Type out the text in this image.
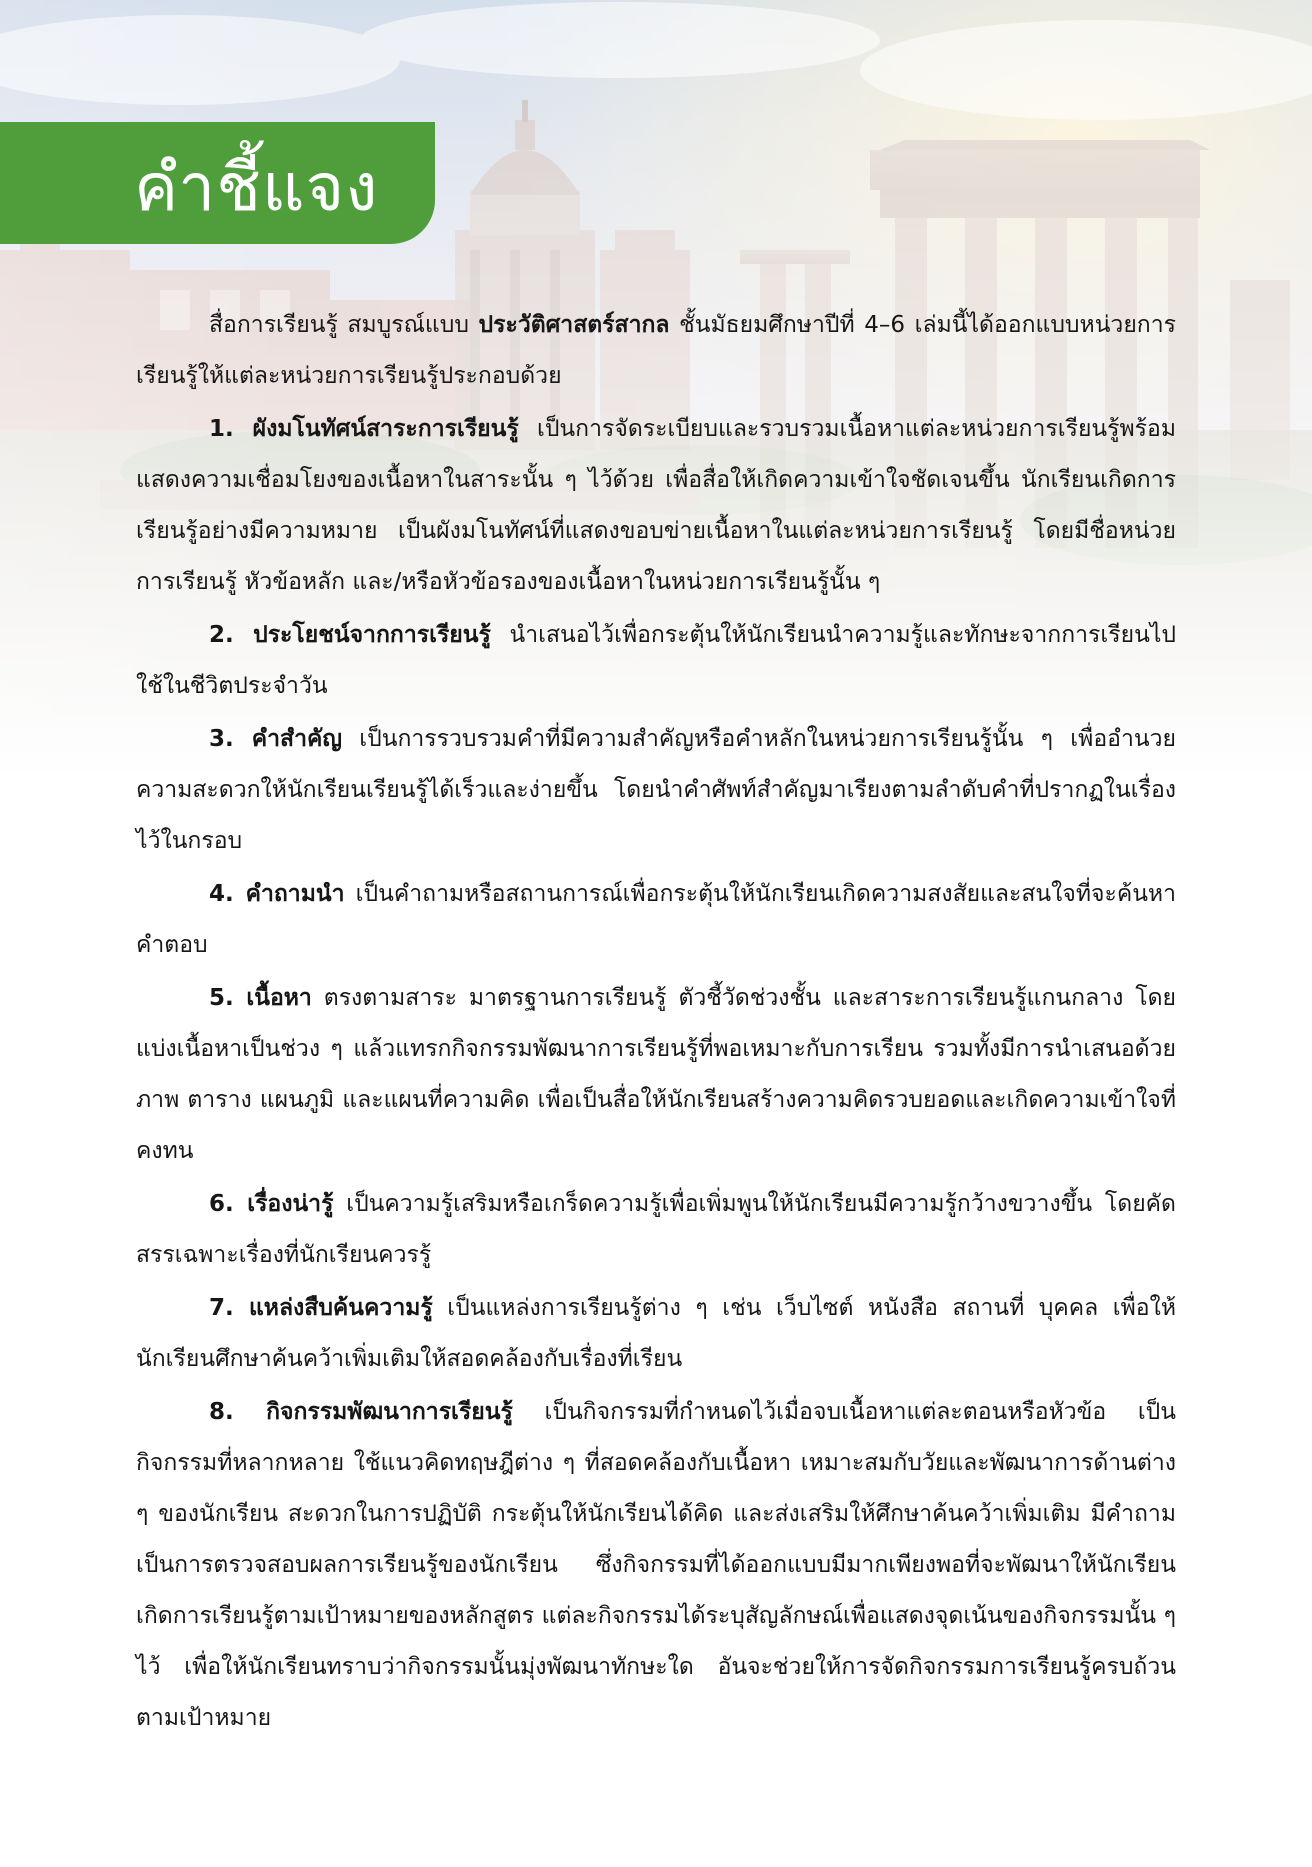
คำชี้แจง

สื่อการเรียนรู้ สมบูรณ์แบบ ประวัติศาสตร์สากล ชั้นมัธยมศึกษาปีที่ 4–6 เล่มนี้ได้ออกแบบหน่วยการเรียนรู้ให้แต่ละหน่วยการเรียนรู้ประกอบด้วย

1. ผังมโนทัศน์สาระการเรียนรู้ เป็นการจัดระเบียบและรวบรวมเนื้อหาแต่ละหน่วยการเรียนรู้พร้อมแสดงความเชื่อมโยงของเนื้อหาในสาระนั้น ๆ ไว้ด้วย เพื่อสื่อให้เกิดความเข้าใจชัดเจนขึ้น นักเรียนเกิดการเรียนรู้อย่างมีความหมาย เป็นผังมโนทัศน์ที่แสดงขอบข่ายเนื้อหาในแต่ละหน่วยการเรียนรู้ โดยมีชื่อหน่วยการเรียนรู้ หัวข้อหลัก และ/หรือหัวข้อรองของเนื้อหาในหน่วยการเรียนรู้นั้น ๆ

2. ประโยชน์จากการเรียนรู้ นำเสนอไว้เพื่อกระตุ้นให้นักเรียนนำความรู้และทักษะจากการเรียนไปใช้ในชีวิตประจำวัน

3. คำสำคัญ เป็นการรวบรวมคำที่มีความสำคัญหรือคำหลักในหน่วยการเรียนรู้นั้น ๆ เพื่ออำนวยความสะดวกให้นักเรียนเรียนรู้ได้เร็วและง่ายขึ้น โดยนำคำศัพท์สำคัญมาเรียงตามลำดับคำที่ปรากฏในเรื่องไว้ในกรอบ

4. คำถามนำ เป็นคำถามหรือสถานการณ์เพื่อกระตุ้นให้นักเรียนเกิดความสงสัยและสนใจที่จะค้นหาคำตอบ

5. เนื้อหา ตรงตามสาระ มาตรฐานการเรียนรู้ ตัวชี้วัดช่วงชั้น และสาระการเรียนรู้แกนกลาง โดยแบ่งเนื้อหาเป็นช่วง ๆ แล้วแทรกกิจกรรมพัฒนาการเรียนรู้ที่พอเหมาะกับการเรียน รวมทั้งมีการนำเสนอด้วยภาพ ตาราง แผนภูมิ และแผนที่ความคิด เพื่อเป็นสื่อให้นักเรียนสร้างความคิดรวบยอดและเกิดความเข้าใจที่คงทน

6. เรื่องน่ารู้ เป็นความรู้เสริมหรือเกร็ดความรู้เพื่อเพิ่มพูนให้นักเรียนมีความรู้กว้างขวางขึ้น โดยคัดสรรเฉพาะเรื่องที่นักเรียนควรรู้

7. แหล่งสืบค้นความรู้ เป็นแหล่งการเรียนรู้ต่าง ๆ เช่น เว็บไซต์ หนังสือ สถานที่ บุคคล เพื่อให้นักเรียนศึกษาค้นคว้าเพิ่มเติมให้สอดคล้องกับเรื่องที่เรียน

8. กิจกรรมพัฒนาการเรียนรู้ เป็นกิจกรรมที่กำหนดไว้เมื่อจบเนื้อหาแต่ละตอนหรือหัวข้อ เป็นกิจกรรมที่หลากหลาย ใช้แนวคิดทฤษฎีต่าง ๆ ที่สอดคล้องกับเนื้อหา เหมาะสมกับวัยและพัฒนาการด้านต่าง ๆ ของนักเรียน สะดวกในการปฏิบัติ กระตุ้นให้นักเรียนได้คิด และส่งเสริมให้ศึกษาค้นคว้าเพิ่มเติม มีคำถามเป็นการตรวจสอบผลการเรียนรู้ของนักเรียน ซึ่งกิจกรรมที่ได้ออกแบบมีมากเพียงพอที่จะพัฒนาให้นักเรียนเกิดการเรียนรู้ตามเป้าหมายของหลักสูตร แต่ละกิจกรรมได้ระบุสัญลักษณ์เพื่อแสดงจุดเน้นของกิจกรรมนั้น ๆ ไว้ เพื่อให้นักเรียนทราบว่ากิจกรรมนั้นมุ่งพัฒนาทักษะใด อันจะช่วยให้การจัดกิจกรรมการเรียนรู้ครบถ้วนตามเป้าหมาย
